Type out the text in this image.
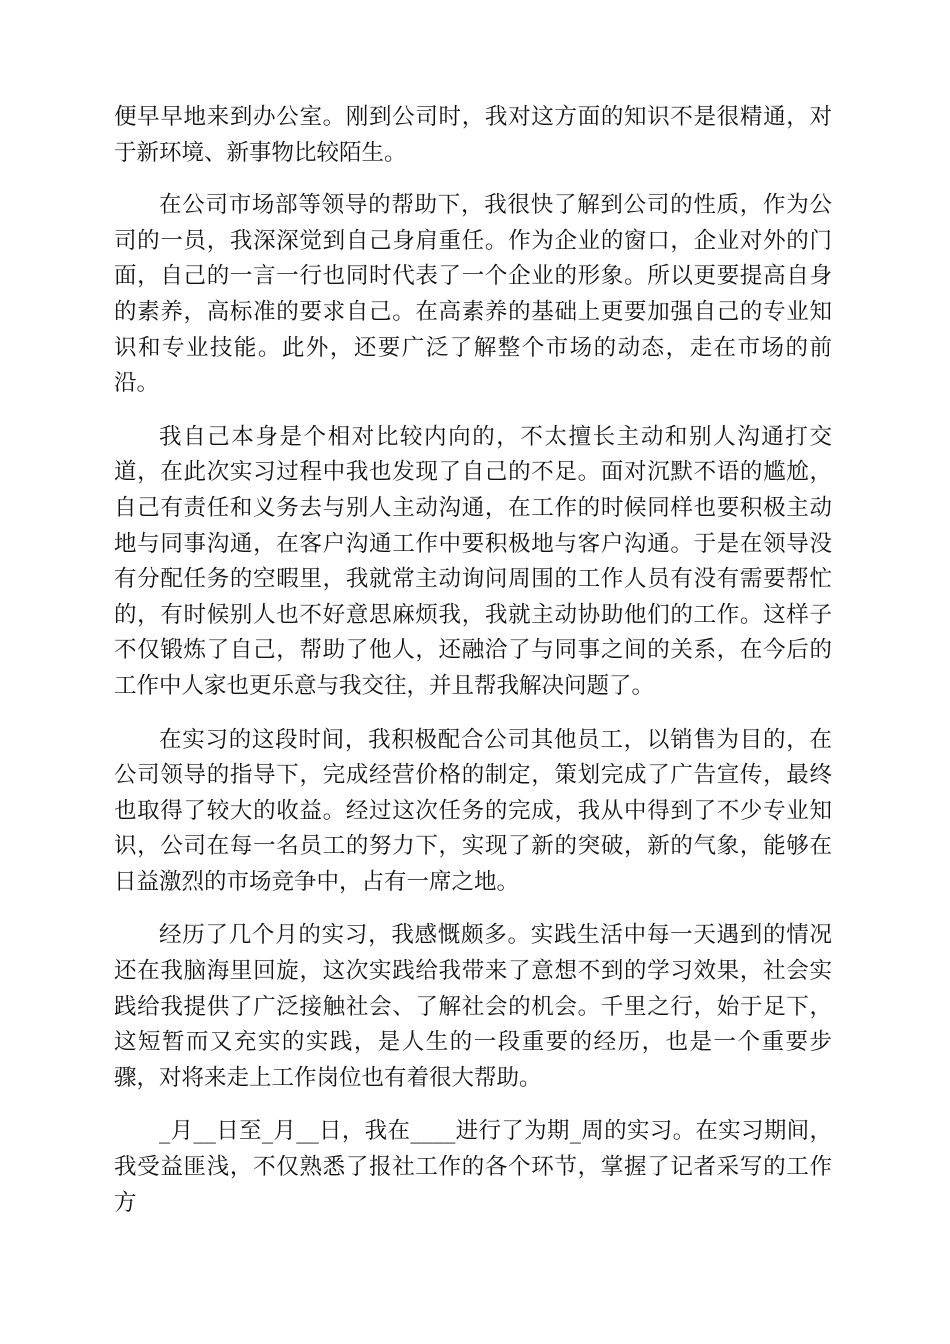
便早早地来到办公室。刚到公司时，我对这方面的知识不是很精通，对于新环境、新事物比较陌生。

在公司市场部等领导的帮助下，我很快了解到公司的性质，作为公司的一员，我深深觉到自己身肩重任。作为企业的窗口，企业对外的门面，自己的一言一行也同时代表了一个企业的形象。所以更要提高自身的素养，高标准的要求自己。在高素养的基础上更要加强自己的专业知识和专业技能。此外，还要广泛了解整个市场的动态，走在市场的前沿。

我自己本身是个相对比较内向的，不太擅长主动和别人沟通打交道，在此次实习过程中我也发现了自己的不足。面对沉默不语的尴尬，自己有责任和义务去与别人主动沟通，在工作的时候同样也要积极主动地与同事沟通，在客户沟通工作中要积极地与客户沟通。于是在领导没有分配任务的空暇里，我就常主动询问周围的工作人员有没有需要帮忙的，有时候别人也不好意思麻烦我，我就主动协助他们的工作。这样子不仅锻炼了自己，帮助了他人，还融洽了与同事之间的关系，在今后的工作中人家也更乐意与我交往，并且帮我解决问题了。

在实习的这段时间，我积极配合公司其他员工，以销售为目的，在公司领导的指导下，完成经营价格的制定，策划完成了广告宣传，最终也取得了较大的收益。经过这次任务的完成，我从中得到了不少专业知识，公司在每一名员工的努力下，实现了新的突破，新的气象，能够在日益激烈的市场竞争中，占有一席之地。

经历了几个月的实习，我感慨颇多。实践生活中每一天遇到的情况还在我脑海里回旋，这次实践给我带来了意想不到的学习效果，社会实践给我提供了广泛接触社会、了解社会的机会。千里之行，始于足下，这短暂而又充实的实践，是人生的一段重要的经历，也是一个重要步骤，对将来走上工作岗位也有着很大帮助。

_月__日至_月__日，我在____进行了为期_周的实习。在实习期间，我受益匪浅，不仅熟悉了报社工作的各个环节，掌握了记者采写的工作方
